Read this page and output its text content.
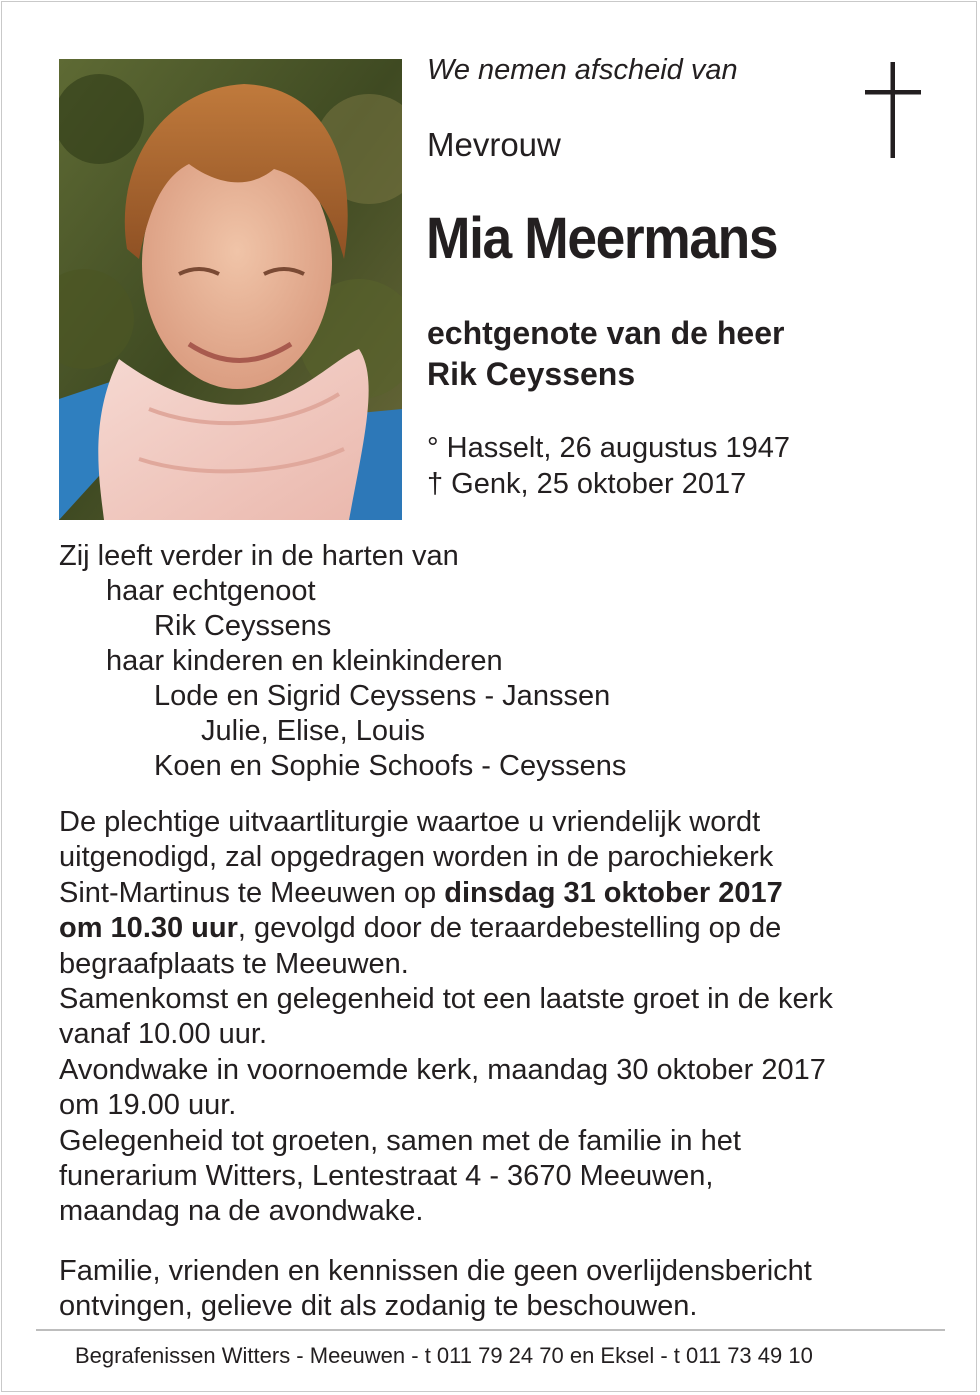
We nemen afscheid van
Mevrouw
Mia Meermans
echtgenote van de heer
Rik Ceyssens
° Hasselt, 26 augustus 1947
† Genk, 25 oktober 2017
Zij leeft verder in de harten van
haar echtgenoot
Rik Ceyssens
haar kinderen en kleinkinderen
Lode en Sigrid Ceyssens - Janssen
Julie, Elise, Louis
Koen en Sophie Schoofs - Ceyssens

De plechtige uitvaartliturgie waartoe u vriendelijk wordt

uitgenodigd, zal opgedragen worden in de parochiekerk

Sint-Martinus te Meeuwen op dinsdag 31 oktober 2017

om 10.30 uur, gevolgd door de teraardebestelling op de

begraafplaats te Meeuwen.

Samenkomst en gelegenheid tot een laatste groet in de kerk

vanaf 10.00 uur.

Avondwake in voornoemde kerk, maandag 30 oktober 2017

om 19.00 uur.

Gelegenheid tot groeten, samen met de familie in het

funerarium Witters, Lentestraat 4 - 3670 Meeuwen,

maandag na de avondwake.

Familie, vrienden en kennissen die geen overlijdensbericht

ontvingen, gelieve dit als zodanig te beschouwen.

Begrafenissen Witters - Meeuwen - t 011 79 24 70 en Eksel - t 011 73 49 10
